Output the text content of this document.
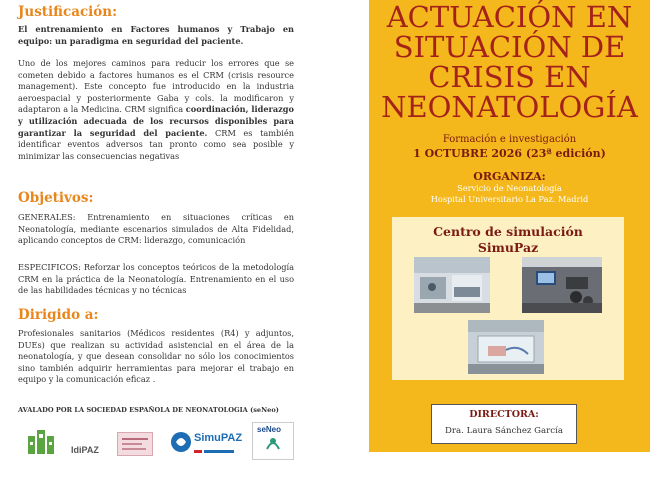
Justificación:

El entrenamiento en Factores humanos y Trabajo en equipo: un paradigma en seguridad del paciente.

Uno de los mejores caminos para reducir los errores que se cometen debido a factores humanos es el CRM (crisis resource management). Este concepto fue introducido en la industria aeroespacial y posteriormente Gaba y cols. la modificaron y adaptaron a la Medicina. CRM significa coordinación, liderazgo y utilización adecuada de los recursos disponibles para garantizar la seguridad del paciente. CRM es también identificar eventos adversos tan pronto como sea posible y minimizar las consecuencias negativas

Objetivos:

GENERALES: Entrenamiento en situaciones críticas en Neonatología, mediante escenarios simulados de Alta Fidelidad, aplicando conceptos de CRM: liderazgo, comunicación

ESPECIFICOS: Reforzar los conceptos teóricos de la metodología CRM en la práctica de la Neonatología. Entrenamiento en el uso de las habilidades técnicas y no técnicas

Dirigido a:

Profesionales sanitarios (Médicos residentes (R4) y adjuntos, DUEs) que realizan su actividad asistencial en el área de la neonatología, y que desean consolidar no sólo los conocimientos sino también adquirir herramientas para mejorar el trabajo en equipo y la comunicación eficaz .

AVALADO POR LA SOCIEDAD ESPAÑOLA DE NEONATOLOGIA (seNeo)

IdiPAZ
SimuPAZ
seNeo
ACTUACIÓN EN
SITUACIÓN DE
CRISIS EN
NEONATOLOGÍA

Formación e investigación

1 OCTUBRE 2026 (23ª edición)

ORGANIZA:

Servicio de Neonatología

Hospital Universitario La Paz. Madrid

Centro de simulación

SimuPaz

DIRECTORA:

Dra. Laura Sánchez García
